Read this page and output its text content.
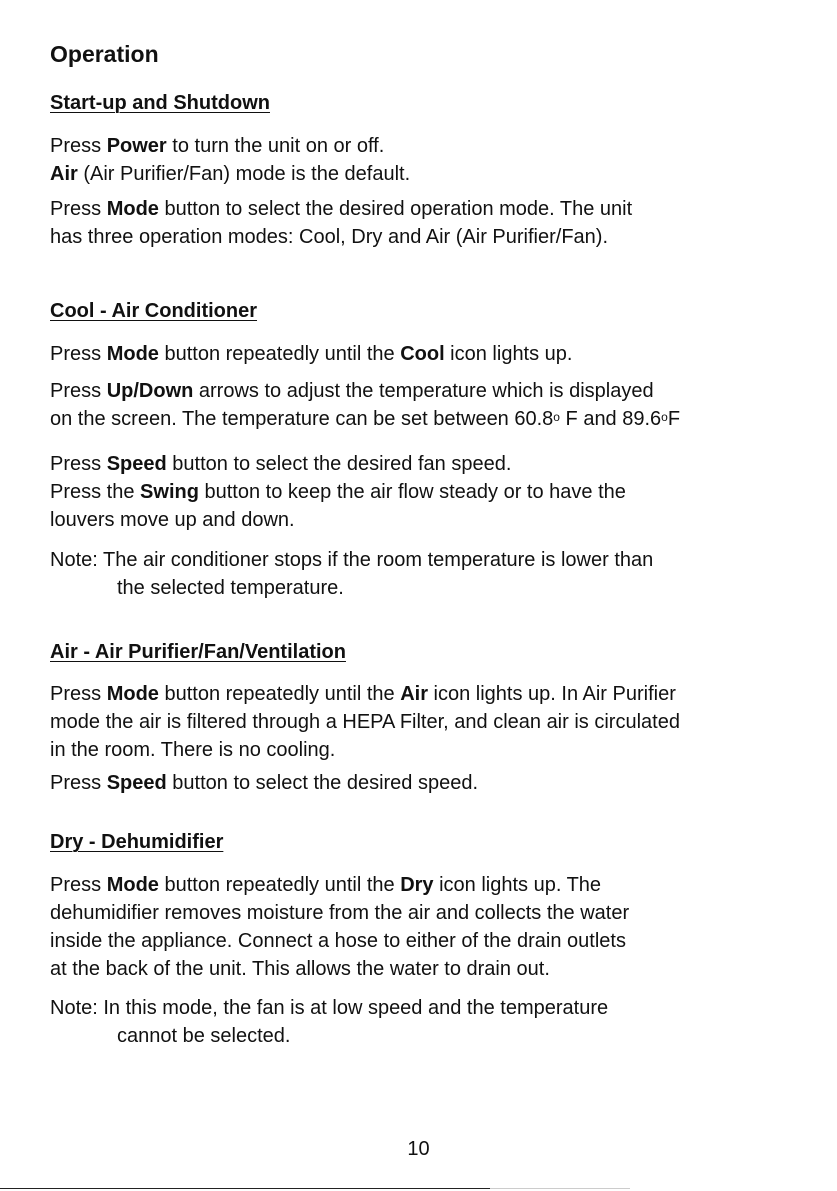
Operation
Start-up and Shutdown

Press Power to turn the unit on or off.
Air (Air Purifier/Fan) mode is the default.

Press Mode button to select the desired operation mode. The unit
has three operation modes: Cool, Dry and Air (Air Purifier/Fan).

Cool - Air Conditioner

Press Mode button repeatedly until the Cool icon lights up.

Press Up/Down arrows to adjust the temperature which is displayed
on the screen. The temperature can be set between 60.8$^o$ F and 89.6$^o$F

Press Speed button to select the desired fan speed.
Press the Swing button to keep the air flow steady or to have the
louvers move up and down.

Note: The air conditioner stops if the room temperature is lower than
the selected temperature.

Air - Air Purifier/Fan/Ventilation

Press Mode button repeatedly until the Air icon lights up. In Air Purifier
mode the air is filtered through a HEPA Filter, and clean air is circulated
in the room. There is no cooling.

Press Speed button to select the desired speed.

Dry - Dehumidifier

Press Mode button repeatedly until the Dry icon lights up. The
dehumidifier removes moisture from the air and collects the water
inside the appliance. Connect a hose to either of the drain outlets
at the back of the unit. This allows the water to drain out.

Note: In this mode, the fan is at low speed and the temperature
cannot be selected.

10
